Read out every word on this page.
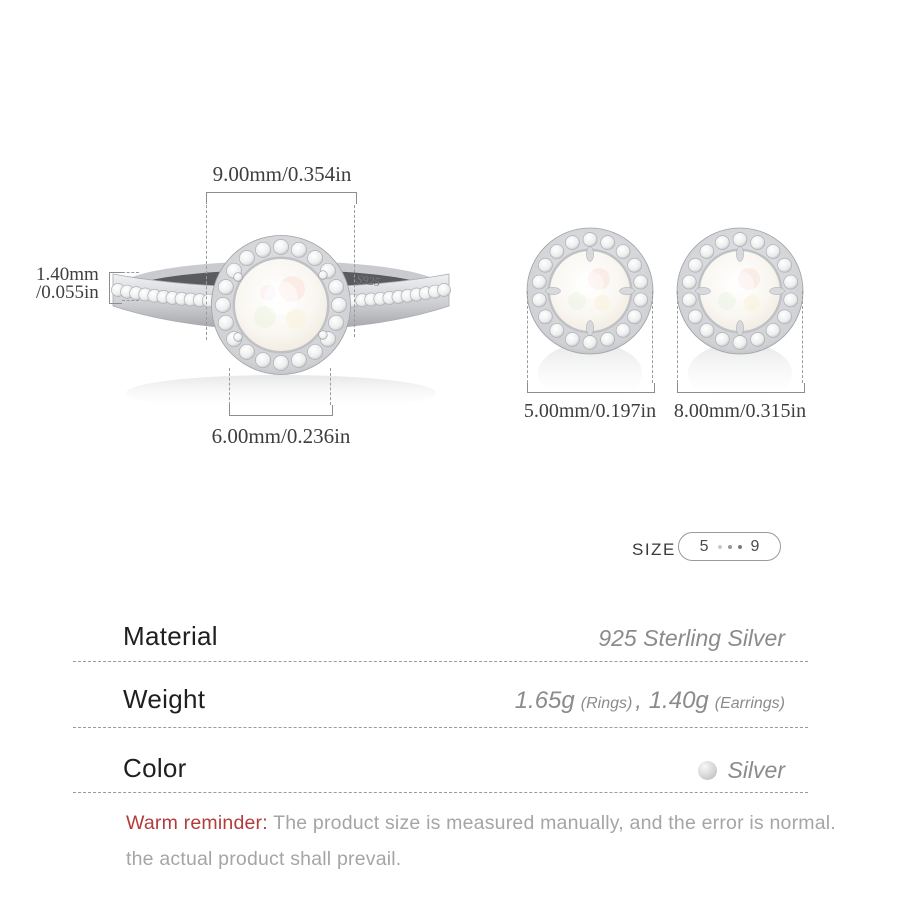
S925
9.00mm/0.354in
1.40mm
/0.055in
6.00mm/0.236in
5.00mm/0.197in 8.00mm/0.315in
SIZE 5	9
Material	925 Sterling Silver
Weight	1.65g (Rings) , 1.40g (Earrings)
Color	Silver
Warm reminder: The product size is measured manually, and the error is normal.
the actual product shall prevail.
